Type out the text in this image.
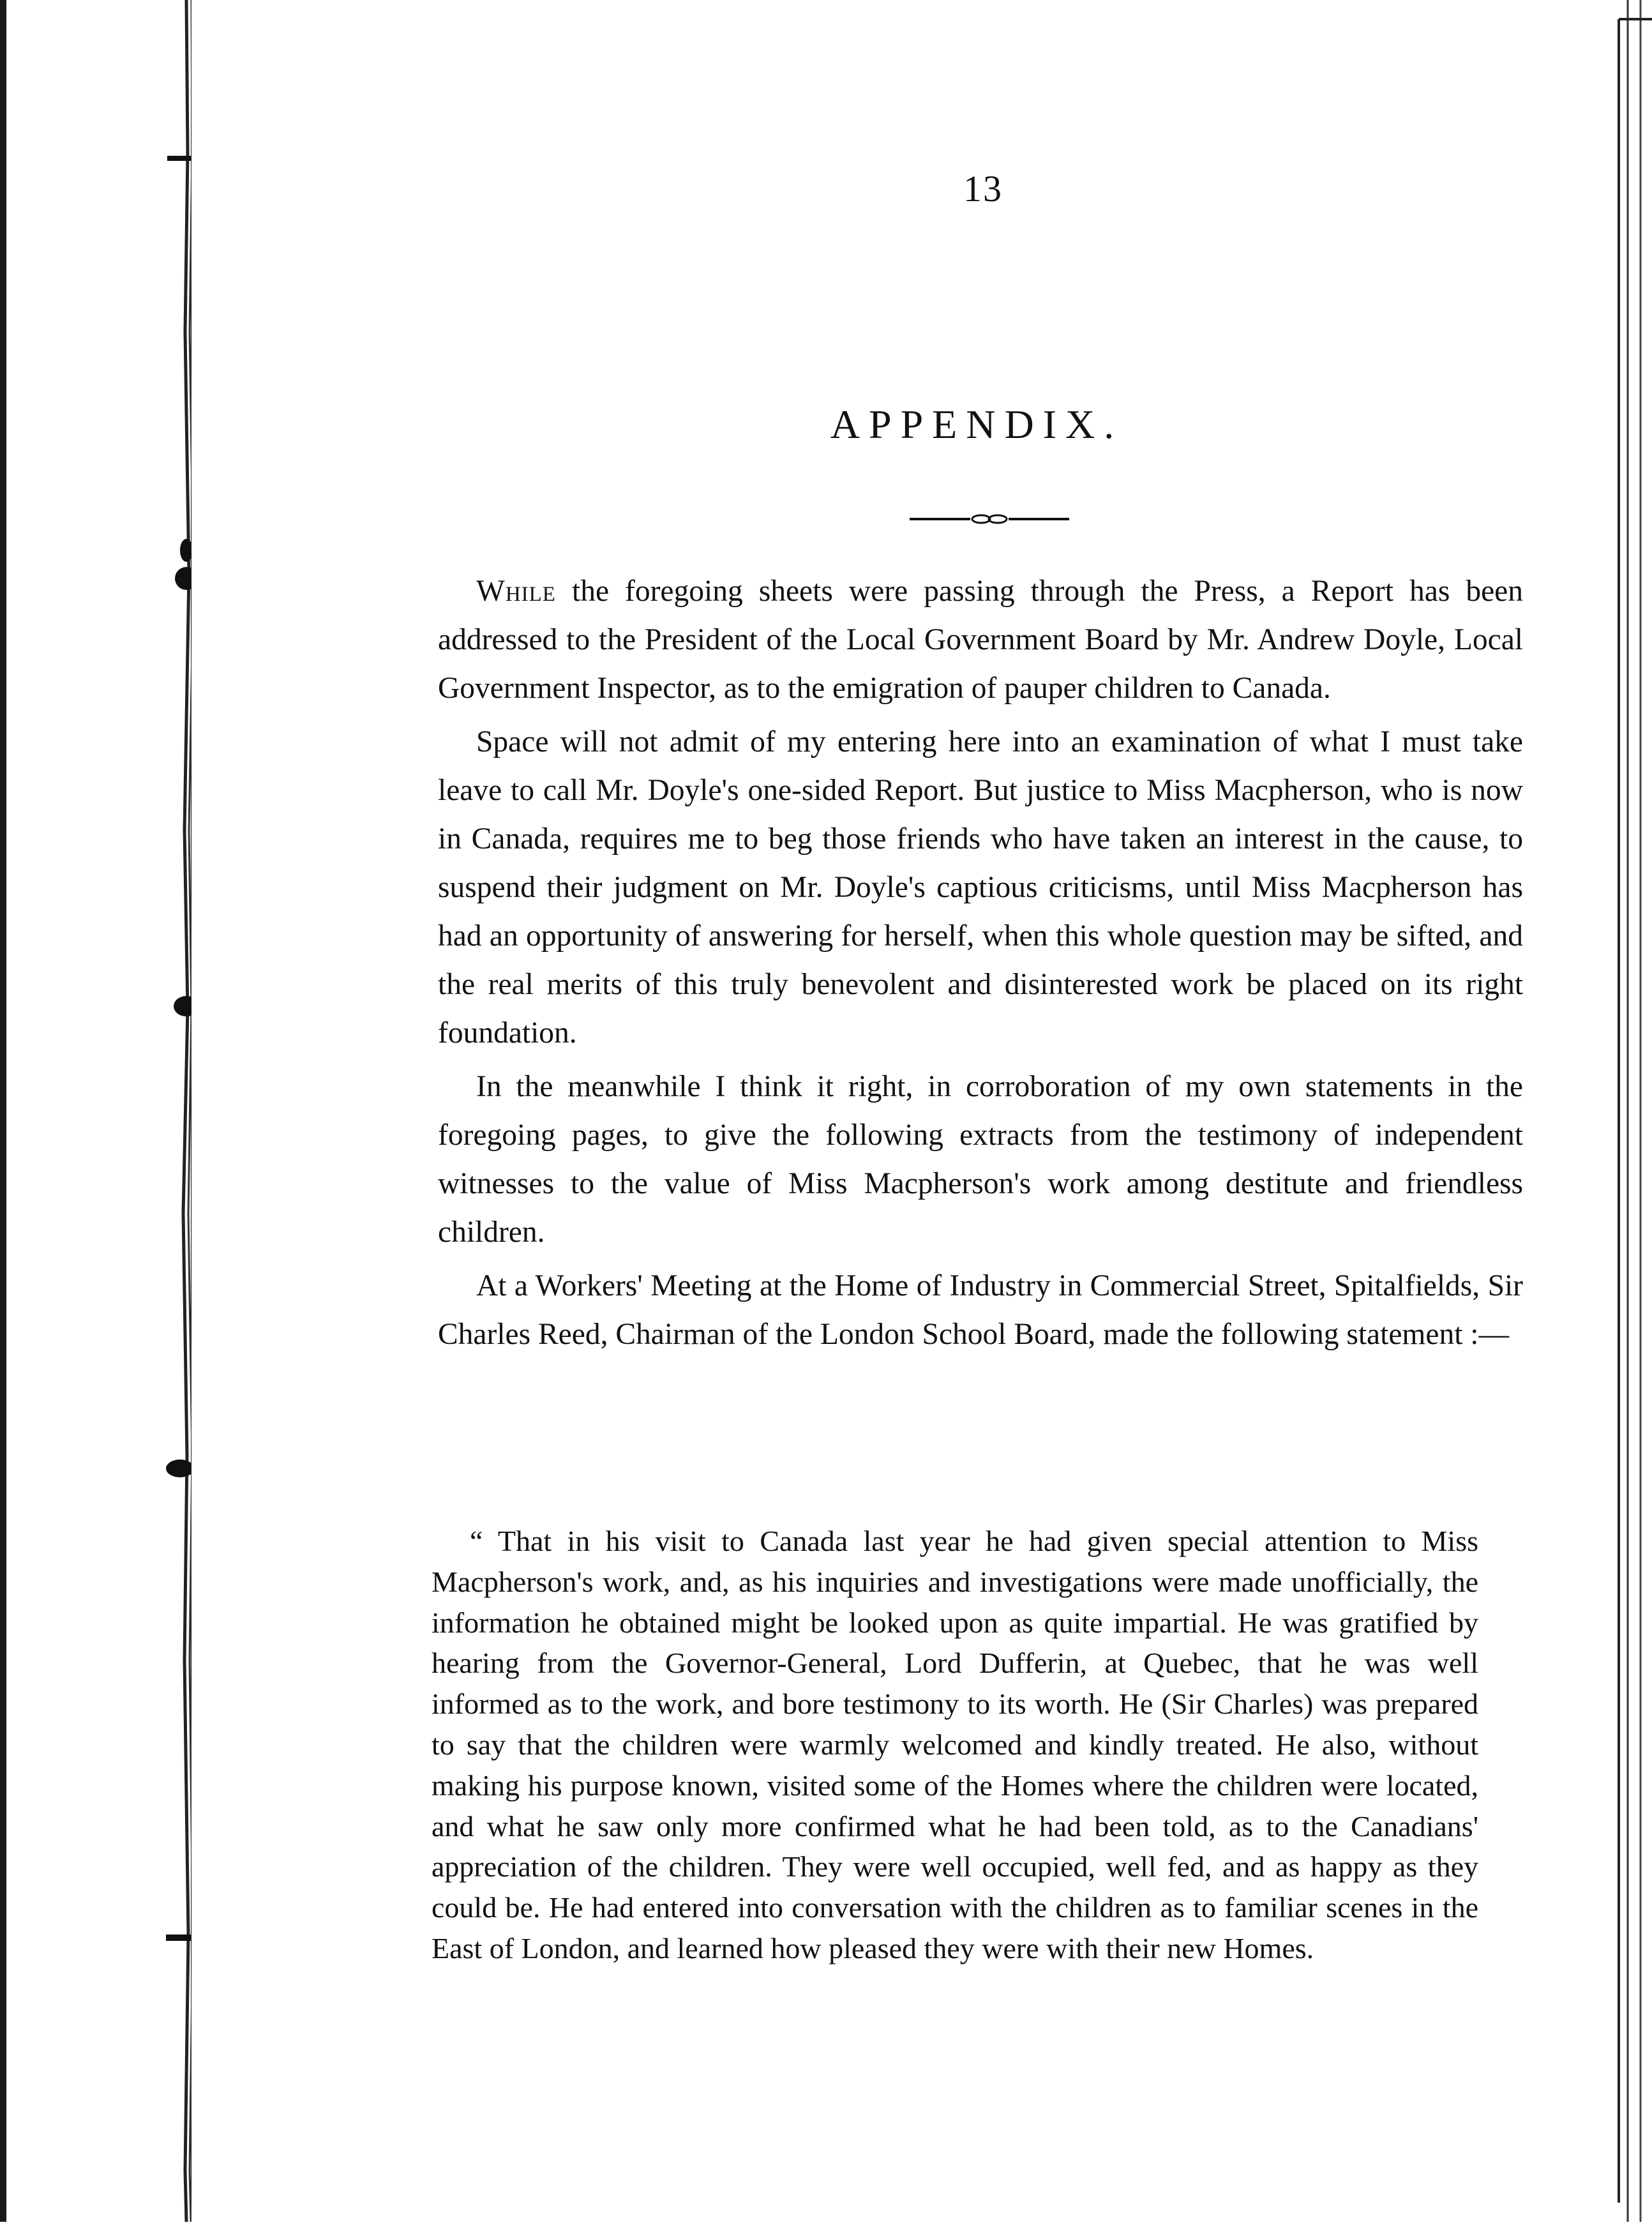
13
APPENDIX.

While the foregoing sheets were passing through the Press, a Report has been addressed to the President of the Local Government Board by Mr. Andrew Doyle, Local Government Inspector, as to the emigration of pauper children to Canada.

Space will not admit of my entering here into an examination of what I must take leave to call Mr. Doyle's one-sided Report. But justice to Miss Macpherson, who is now in Canada, requires me to beg those friends who have taken an interest in the cause, to suspend their judgment on Mr. Doyle's captious criticisms, until Miss Macpherson has had an opportunity of answering for herself, when this whole question may be sifted, and the real merits of this truly benevolent and disinterested work be placed on its right foundation.

In the meanwhile I think it right, in corroboration of my own statements in the foregoing pages, to give the following extracts from the testimony of independent witnesses to the value of Miss Macpherson's work among destitute and friendless children.

At a Workers' Meeting at the Home of Industry in Commercial Street, Spitalfields, Sir Charles Reed, Chairman of the London School Board, made the following statement :—

“ That in his visit to Canada last year he had given special attention to Miss Macpherson's work, and, as his inquiries and investigations were made unofficially, the information he obtained might be looked upon as quite impartial. He was gratified by hearing from the Governor-General, Lord Dufferin, at Quebec, that he was well informed as to the work, and bore testimony to its worth. He (Sir Charles) was prepared to say that the children were warmly welcomed and kindly treated. He also, without making his purpose known, visited some of the Homes where the children were located, and what he saw only more confirmed what he had been told, as to the Canadians' appreciation of the children. They were well occupied, well fed, and as happy as they could be. He had entered into conversation with the children as to familiar scenes in the East of London, and learned how pleased they were with their new Homes.
